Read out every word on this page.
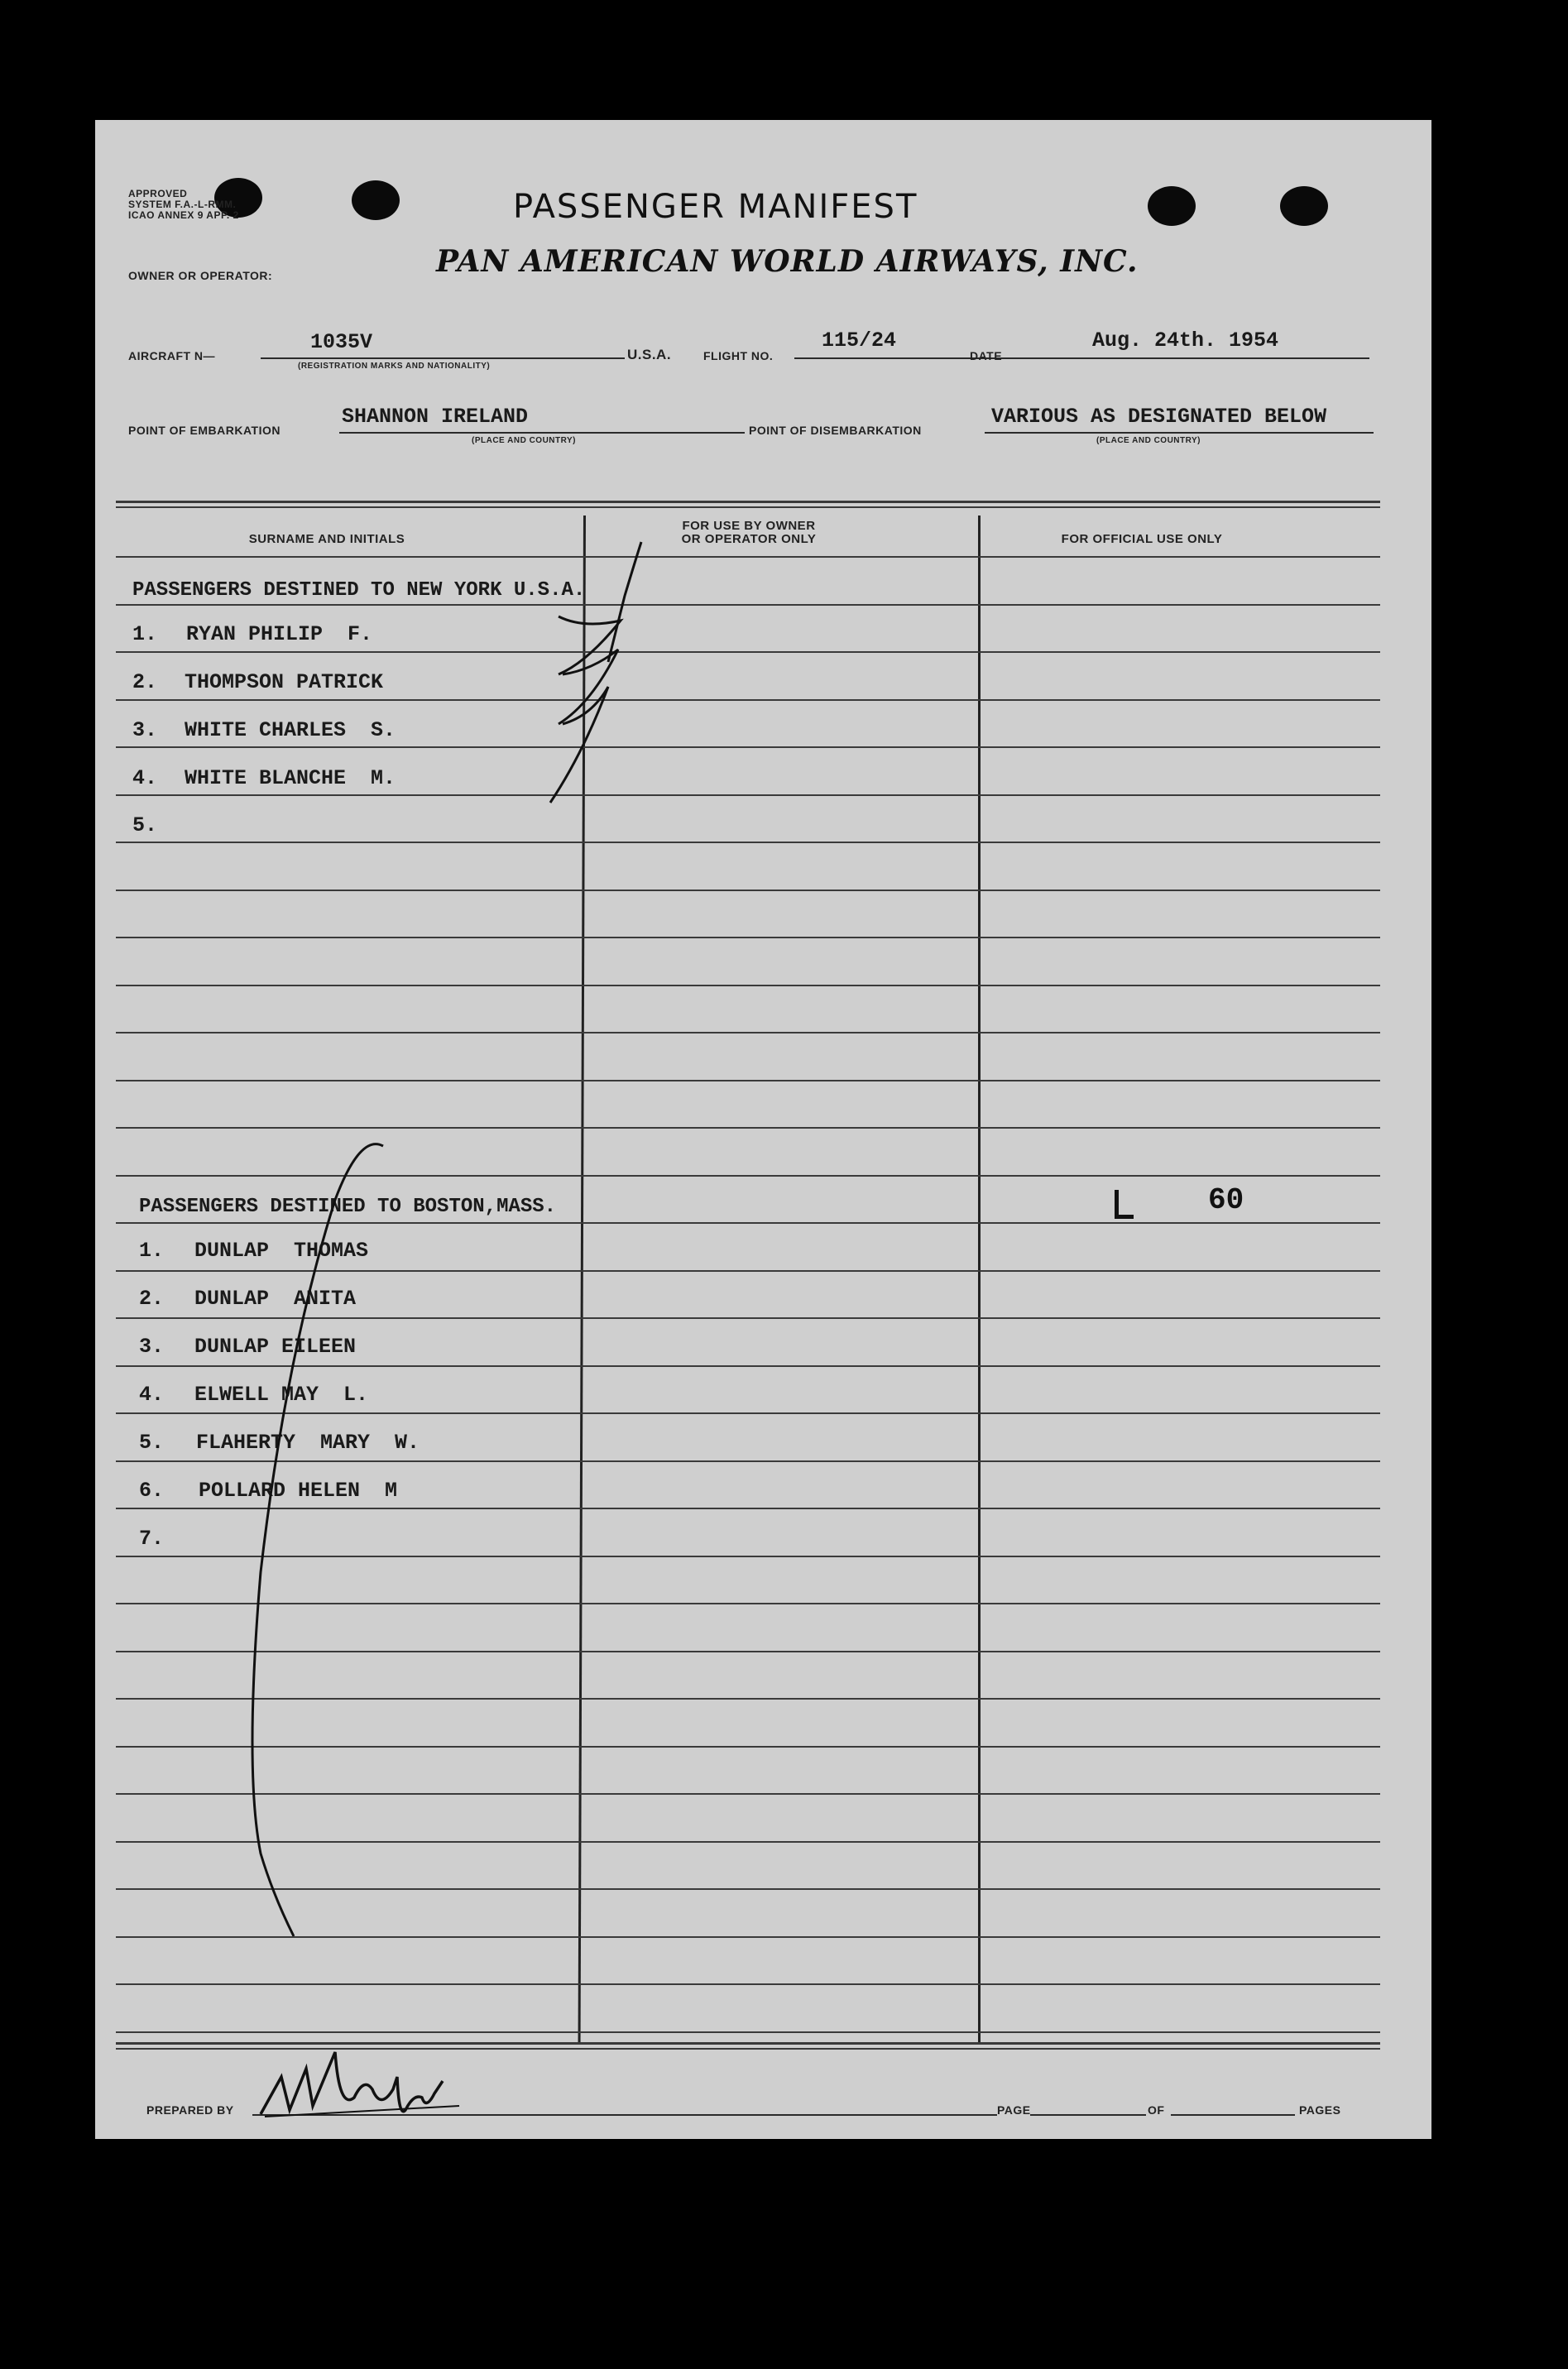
APPROVED
SYSTEM F.A.-L-RMM.
ICAO ANNEX 9 APP. 2	PASSENGER MANIFEST
OWNER OR OPERATOR:	PAN AMERICAN WORLD AIRWAYS, INC.
AIRCRAFT N—
1035V
(REGISTRATION MARKS AND NATIONALITY)
U.S.A.	FLIGHT NO.
115/24
DATE
Aug. 24th. 1954
POINT OF EMBARKATION
SHANNON IRELAND
(PLACE AND COUNTRY)
POINT OF DISEMBARKATION
VARIOUS AS DESIGNATED BELOW
(PLACE AND COUNTRY)
SURNAME AND INITIALS
FOR USE BY OWNER OR OPERATOR ONLY	FOR OFFICIAL USE ONLY
PASSENGERS DESTINED TO NEW YORK U.S.A.
1. RYAN PHILIP  F.
2. THOMPSON PATRICK
3. WHITE CHARLES  S.
4. WHITE BLANCHE  M.
5.
PASSENGERS DESTINED TO BOSTON,MASS.	60
1. DUNLAP  THOMAS
2. DUNLAP  ANITA
3. DUNLAP EILEEN
4. ELWELL MAY  L.
5. FLAHERTY  MARY  W.
6. POLLARD HELEN  M
7.
PREPARED BY	PAGE	OF	PAGES
